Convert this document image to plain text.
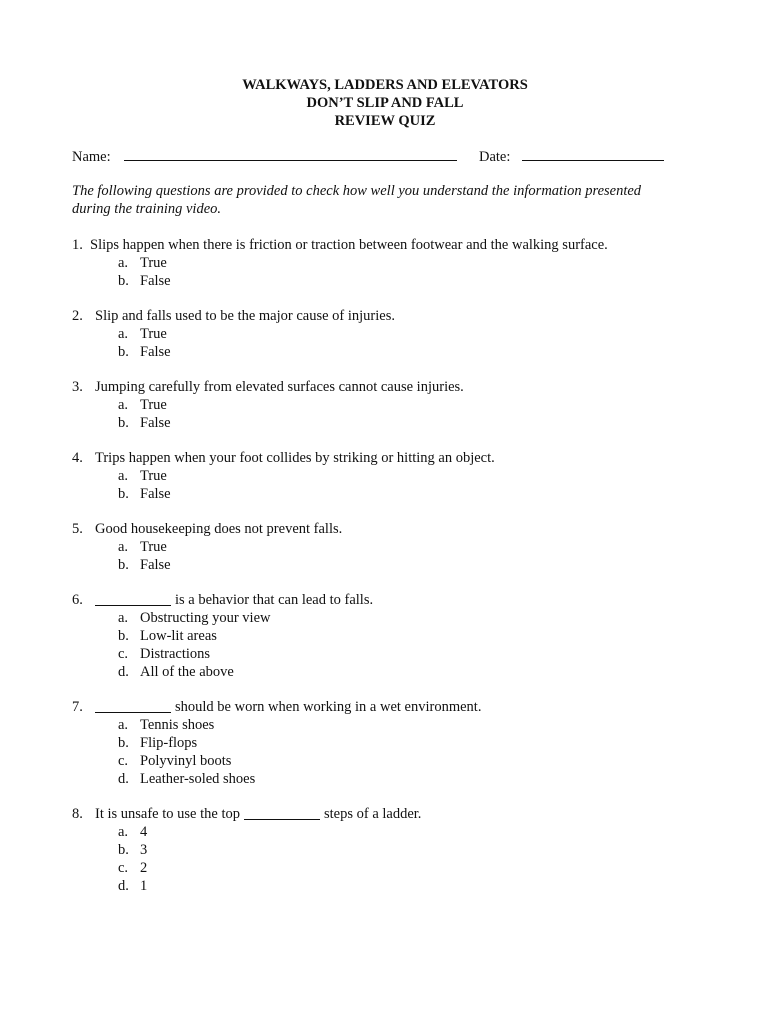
WALKWAYS, LADDERS AND ELEVATORS
DON’T SLIP AND FALL
REVIEW QUIZ
Name:	Date:
The following questions are provided to check how well you understand the information presented during the training video.
1. Slips happen when there is friction or traction between footwear and the walking surface.
a. True
b. False
2. Slip and falls used to be the major cause of injuries.
a. True
b. False
3. Jumping carefully from elevated surfaces cannot cause injuries.
a. True
b. False
4. Trips happen when your foot collides by striking or hitting an object.
a. True
b. False
5. Good housekeeping does not prevent falls.
a. True
b. False
6.	is a behavior that can lead to falls.
a. Obstructing your view
b. Low-lit areas
c. Distractions
d. All of the above
7.	should be worn when working in a wet environment.
a. Tennis shoes
b. Flip-flops
c. Polyvinyl boots
d. Leather-soled shoes
8. It is unsafe to use the top	steps of a ladder.
a. 4
b. 3
c. 2
d. 1
